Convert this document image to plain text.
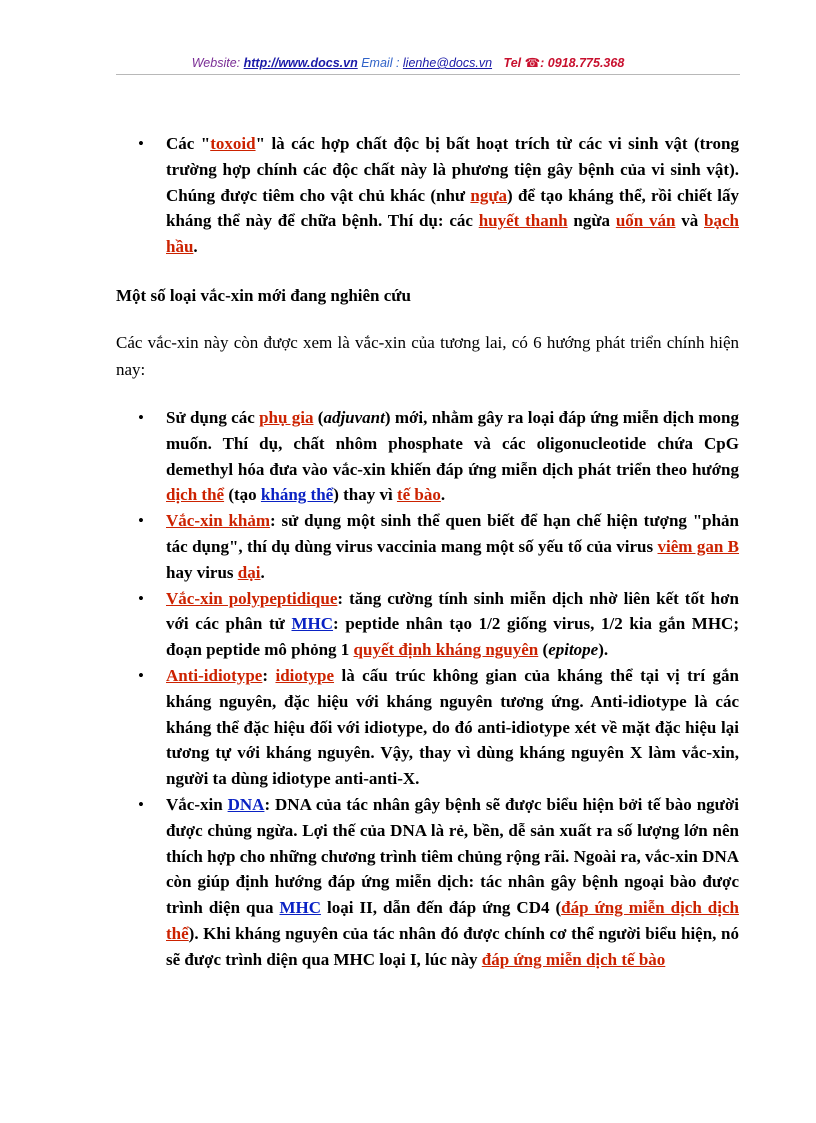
Website: http://www.docs.vn Email : lienhe@docs.vn Tel ☎: 0918.775.368
• Các "toxoid" là các hợp chất độc bị bất hoạt trích từ các vi sinh vật (trong trường hợp chính các độc chất này là phương tiện gây bệnh của vi sinh vật). Chúng được tiêm cho vật chủ khác (như ngựa) để tạo kháng thể, rồi chiết lấy kháng thể này để chữa bệnh. Thí dụ: các huyết thanh ngừa uốn ván và bạch hầu.
Một số loại vắc-xin mới đang nghiên cứu

Các vắc-xin này còn được xem là vắc-xin của tương lai, có 6 hướng phát triển chính hiện nay:

• Sử dụng các phụ gia (adjuvant) mới, nhằm gây ra loại đáp ứng miễn dịch mong muốn. Thí dụ, chất nhôm phosphate và các oligonucleotide chứa CpG demethyl hóa đưa vào vắc-xin khiến đáp ứng miễn dịch phát triển theo hướng dịch thể (tạo kháng thể) thay vì tế bào.
• Vắc-xin khảm: sử dụng một sinh thể quen biết để hạn chế hiện tượng "phản tác dụng", thí dụ dùng virus vaccinia mang một số yếu tố của virus viêm gan B hay virus dại.
• Vắc-xin polypeptidique: tăng cường tính sinh miễn dịch nhờ liên kết tốt hơn với các phân tử MHC: peptide nhân tạo 1/2 giống virus, 1/2 kia gắn MHC; đoạn peptide mô phỏng 1 quyết định kháng nguyên (epitope).
• Anti-idiotype: idiotype là cấu trúc không gian của kháng thể tại vị trí gắn kháng nguyên, đặc hiệu với kháng nguyên tương ứng. Anti-idiotype là các kháng thể đặc hiệu đối với idiotype, do đó anti-idiotype xét về mặt đặc hiệu lại tương tự với kháng nguyên. Vậy, thay vì dùng kháng nguyên X làm vắc-xin, người ta dùng idiotype anti-anti-X.
• Vắc-xin DNA: DNA của tác nhân gây bệnh sẽ được biểu hiện bởi tế bào người được chủng ngừa. Lợi thế của DNA là rẻ, bền, dễ sản xuất ra số lượng lớn nên thích hợp cho những chương trình tiêm chủng rộng rãi. Ngoài ra, vắc-xin DNA còn giúp định hướng đáp ứng miễn dịch: tác nhân gây bệnh ngoại bào được trình diện qua MHC loại II, dẫn đến đáp ứng CD4 (đáp ứng miễn dịch dịch thể). Khi kháng nguyên của tác nhân đó được chính cơ thể người biểu hiện, nó sẽ được trình diện qua MHC loại I, lúc này đáp ứng miễn dịch tế bào
